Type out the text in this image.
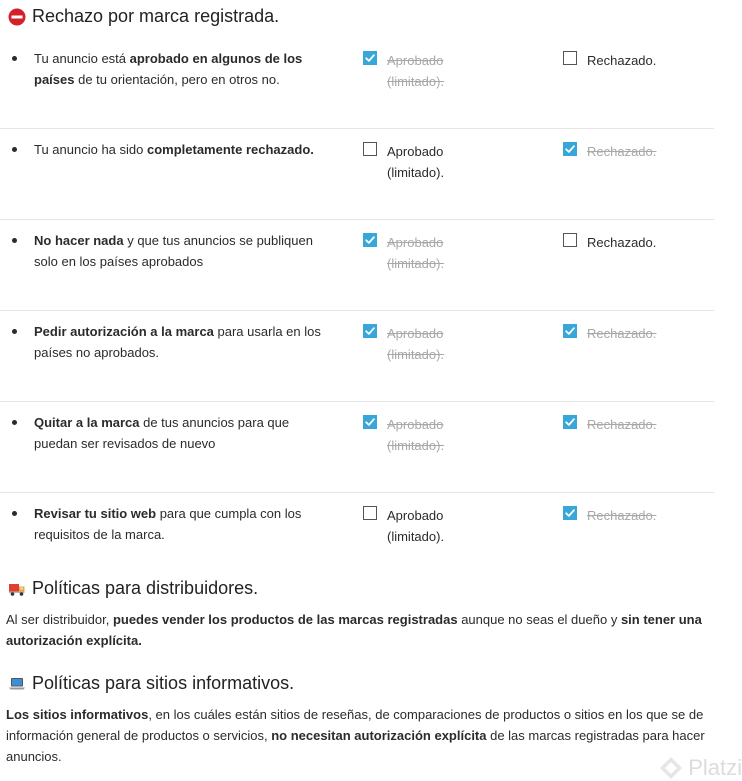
Rechazo por marca registrada.
Tu anuncio está aprobado en algunos de los países de tu orientación, pero en otros no.
Aprobado (limitado).
Rechazado.
Tu anuncio ha sido completamente rechazado.	Aprobado (limitado).
Rechazado.
No hacer nada y que tus anuncios se publiquen solo en los países aprobados
Aprobado (limitado).
Rechazado.
Pedir autorización a la marca para usarla en los países no aprobados.
Aprobado (limitado).
Rechazado.
Quitar a la marca de tus anuncios para que puedan ser revisados de nuevo
Aprobado (limitado).
Rechazado.
Revisar tu sitio web para que cumpla con los requisitos de la marca.
Aprobado (limitado).
Rechazado.
Políticas para distribuidores.

Al ser distribuidor, puedes vender los productos de las marcas registradas aunque no seas el dueño y sin tener una autorización explícita.

Políticas para sitios informativos.

Los sitios informativos, en los cuáles están sitios de reseñas, de comparaciones de productos o sitios en los que se de información general de productos o servicios, no necesitan autorización explícita de las marcas registradas para hacer anuncios.	Platzi
